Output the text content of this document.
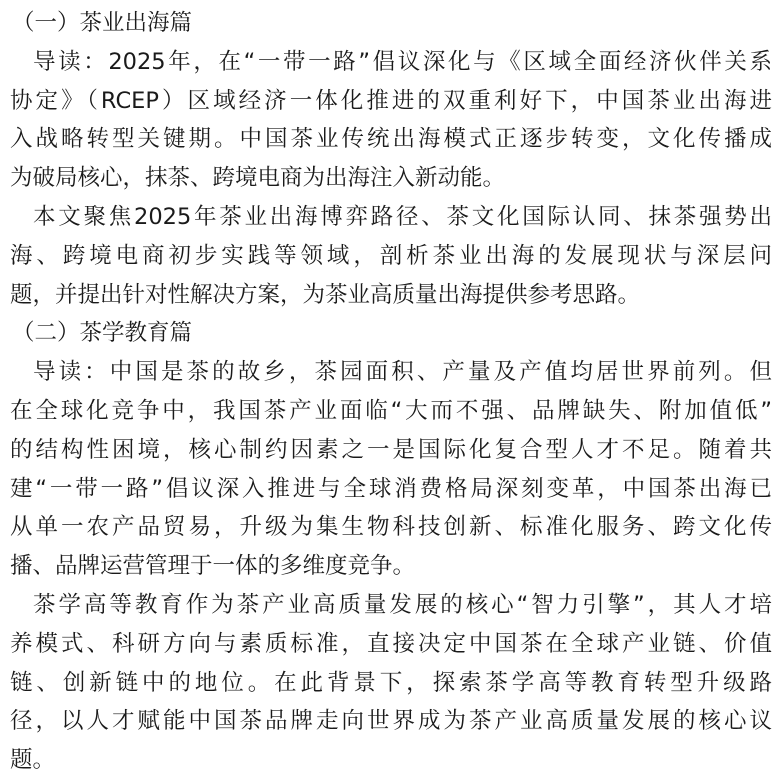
（一）茶业出海篇
导读：2025年，在“一带一路”倡议深化与《区域全面经济伙伴关系
协定》（RCEP）区域经济一体化推进的双重利好下，中国茶业出海进
入战略转型关键期。中国茶业传统出海模式正逐步转变，文化传播成
为破局核心，抹茶、跨境电商为出海注入新动能。
本文聚焦2025年茶业出海博弈路径、茶文化国际认同、抹茶强势出
海、跨境电商初步实践等领域，剖析茶业出海的发展现状与深层问
题，并提出针对性解决方案，为茶业高质量出海提供参考思路。
（二）茶学教育篇
导读：中国是茶的故乡，茶园面积、产量及产值均居世界前列。但
在全球化竞争中，我国茶产业面临“大而不强、品牌缺失、附加值低”
的结构性困境，核心制约因素之一是国际化复合型人才不足。随着共
建“一带一路”倡议深入推进与全球消费格局深刻变革，中国茶出海已
从单一农产品贸易，升级为集生物科技创新、标准化服务、跨文化传
播、品牌运营管理于一体的多维度竞争。
茶学高等教育作为茶产业高质量发展的核心“智力引擎”，其人才培
养模式、科研方向与素质标准，直接决定中国茶在全球产业链、价值
链、创新链中的地位。在此背景下，探索茶学高等教育转型升级路
径，以人才赋能中国茶品牌走向世界成为茶产业高质量发展的核心议
题。
